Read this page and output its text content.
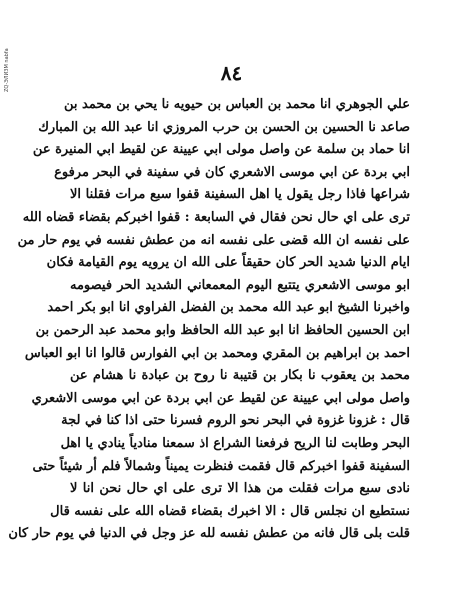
ZQ-ЭЛИЗМ nabfa	٨٤
علي الجوهري انا محمد بن العباس بن حيويه نا يحي بن محمد بن
صاعد نا الحسين بن الحسن بن حرب المروزي انا عبد الله بن المبارك
انا حماد بن سلمة عن واصل مولى ابي عيينة عن لقيط ابي المنيرة عن
ابي بردة عن ابي موسى الاشعري كان في سفينة في البحر مرفوع
شراعها فاذا رجل يقول يا اهل السفينة قفوا سبع مرات فقلنا الا
ترى على اي حال نحن فقال في السابعة : قفوا اخبركم بقضاء قضاه الله
على نفسه ان الله قضى على نفسه انه من عطش نفسه في يوم حار من
ايام الدنيا شديد الحر كان حقيقاً على الله ان يرويه يوم القيامة فكان
ابو موسى الاشعري يتتبع اليوم المعمعاني الشديد الحر فيصومه
واخبرنا الشيخ ابو عبد الله محمد بن الفضل الفراوي انا ابو بكر احمد
ابن الحسين الحافظ انا ابو عبد الله الحافظ وابو محمد عبد الرحمن بن
احمد بن ابراهيم بن المقري ومحمد بن ابي الفوارس قالوا انا ابو العباس
محمد بن يعقوب نا بكار بن قتيبة نا روح بن عبادة نا هشام عن
واصل مولى ابي عيينة عن لقيط عن ابي بردة عن ابي موسى الاشعري
قال : غزونا غزوة في البحر نحو الروم فسرنا حتى اذا كنا في لجة
البحر وطابت لنا الريح فرفعنا الشراع اذ سمعنا منادياً ينادي يا اهل
السفينة قفوا اخبركم قال فقمت فنظرت يميناً وشمالاً فلم أر شيئاً حتى
نادى سبع مرات فقلت من هذا الا ترى على اي حال نحن انا لا
نستطيع ان نجلس قال : الا اخبرك بقضاء قضاه الله على نفسه قال
قلت بلى قال فانه من عطش نفسه لله عز وجل في الدنيا في يوم حار كان
